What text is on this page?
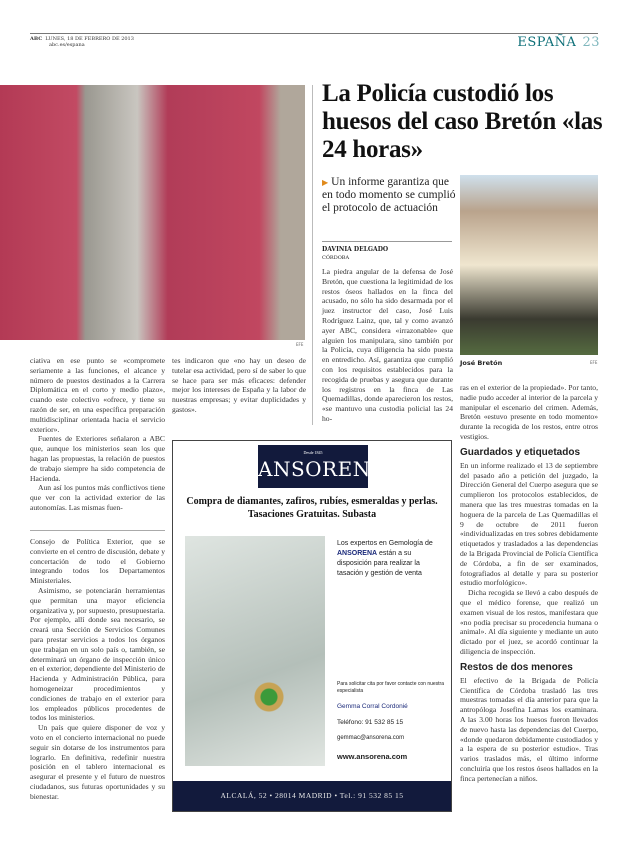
ABC LUNES, 18 DE FEBRERO DE 2013
abc.es/espana	ESPAÑA 23
EFE

ciativa en ese punto se «compromete seriamente a las funciones, el alcance y número de puestos destinados a la Carrera Diplomática en el corto y medio plazo», cuando este colectivo «ofrece, y tiene su razón de ser, en una específica preparación multidisciplinar orientada hacia el servicio exterior».

Fuentes de Exteriores señalaron a ABC que, aunque los ministerios sean los que hagan las propuestas, la relación de puestos de trabajo siempre ha sido competencia de Hacienda.

Aun así los puntos más conflictivos tiene que ver con la actividad exterior de las autonomías. Las mismas fuen-

tes indicaron que «no hay un deseo de tutelar esa actividad, pero sí de saber lo que se hace para ser más eficaces: defender mejor los intereses de España y la labor de nuestras empresas; y evitar duplicidades y gastos».

Consejo de Política Exterior, que se convierte en el centro de discusión, debate y concertación de todo el Gobierno integrando todos los Departamentos Ministeriales.

Asimismo, se potenciarán herramientas que permitan una mayor eficiencia organizativa y, por supuesto, presupuestaria. Por ejemplo, allí donde sea necesario, se creará una Sección de Servicios Comunes para prestar servicios a todos los órganos que trabajan en un solo país o, también, se determinará un órgano de inspección único en el exterior, dependiente del Ministerio de Hacienda y Administración Pública, para homogeneizar procedimientos y condiciones de trabajo en el exterior para los empleados públicos procedentes de todos los ministerios.

Un país que quiere disponer de voz y voto en el concierto internacional no puede seguir sin dotarse de los instrumentos para lograrlo. En definitiva, redefinir nuestra posición en el tablero internacional es asegurar el presente y el futuro de nuestros ciudadanos, sus futuras oportunidades y su bienestar.

La Policía custodió los huesos del caso Bretón «las 24 horas»
▶ Un informe garantiza que en todo momento se cumplió el protocolo de actuación
DAVINIA DELGADO
CÓRDOBA

La piedra angular de la defensa de José Bretón, que cuestiona la legitimidad de los restos óseos hallados en la finca del acusado, no sólo ha sido desarmada por el juez instructor del caso, José Luis Rodríguez Lainz, que, tal y como avanzó ayer ABC, considera «irrazonable» que alguien los manipulara, sino también por la Policía, cuya diligencia ha sido puesta en entredicho. Así, garantiza que cumplió con los requisitos establecidos para la recogida de pruebas y asegura que durante los registros en la finca de Las Quemadillas, donde aparecieron los restos, «se mantuvo una custodia policial las 24 ho-

José Bretón	EFE

ras en el exterior de la propiedad». Por tanto, nadie pudo acceder al interior de la parcela y manipular el escenario del crimen. Además, Bretón «estuvo presente en todo momento» durante la recogida de los restos, entre otros vestigios.

Guardados y etiquetados

En un informe realizado el 13 de septiembre del pasado año a petición del juzgado, la Dirección General del Cuerpo asegura que se cumplieron los protocolos establecidos, de manera que las tres muestras tomadas en la hoguera de la parcela de Las Quemadillas el 9 de octubre de 2011 fueron «individualizadas en tres sobres debidamente etiquetados y trasladados a las dependencias de la Brigada Provincial de Policía Científica de Córdoba, a fin de ser examinados, fotografiados al detalle y para su posterior estudio morfológico».

Dicha recogida se llevó a cabo después de que el médico forense, que realizó un examen visual de los restos, manifestara que «no podía precisar su procedencia humana o animal». Al día siguiente y mediante un auto dictado por el juez, se acordó continuar la diligencia de inspección.

Restos de dos menores

El efectivo de la Brigada de Policía Científica de Córdoba trasladó las tres muestras tomadas el día anterior para que la antropóloga Josefina Lamas los examinara. A las 3.00 horas los huesos fueron llevados de nuevo hasta las dependencias del Cuerpo, «donde quedaron debidamente custodiados y a la espera de su posterior estudio». Tras varios traslados más, el último informe concluiría que los restos óseos hallados en la finca pertenecían a niños.

Desde 1845
ANSORENA
Compra de diamantes, zafiros, rubíes, esmeraldas y perlas. Tasaciones Gratuitas. Subasta
Los expertos en Gemología de ANSORENA están a su disposición para realizar la tasación y gestión de venta
Para solicitar cita por favor contacte con nuestra especialista
Gemma Corral Cordonié
Teléfono: 91 532 85 15
gemmac@ansorena.com
www.ansorena.com
ALCALÁ, 52 • 28014 MADRID • Tel.: 91 532 85 15
